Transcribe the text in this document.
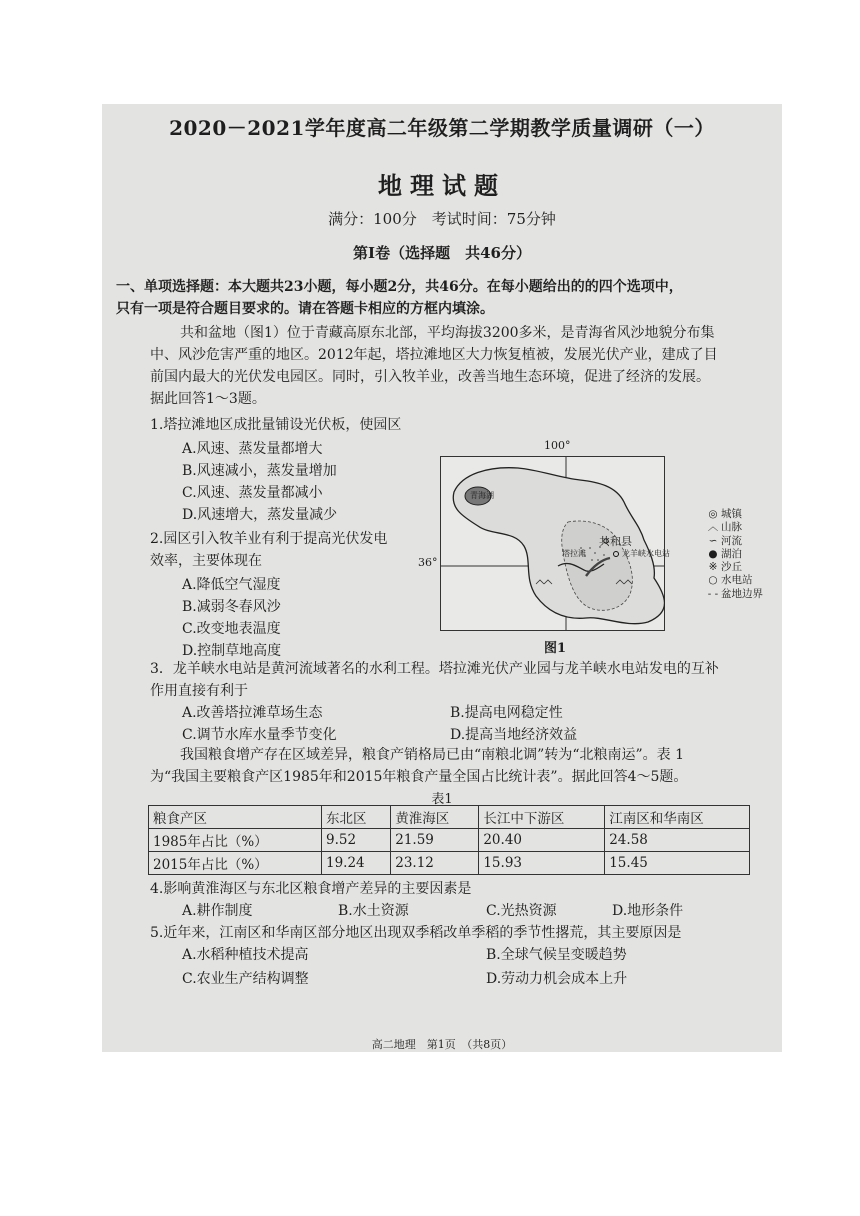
2020－2021学年度高二年级第二学期教学质量调研（一）
地理试题
满分：100分　考试时间：75分钟
第Ⅰ卷（选择题　共46分）
一、单项选择题：本大题共23小题，每小题2分，共46分。在每小题给出的的四个选项中，
只有一项是符合题目要求的。请在答题卡相应的方框内填涂。
共和盆地（图1）位于青藏高原东北部，平均海拔3200多米，是青海省风沙地貌分布集
中、风沙危害严重的地区。2012年起，塔拉滩地区大力恢复植被，发展光伏产业，建成了目
前国内最大的光伏发电园区。同时，引入牧羊业，改善当地生态环境，促进了经济的发展。
据此回答1～3题。
1.塔拉滩地区成批量铺设光伏板，使园区
A.风速、蒸发量都增大
B.风速减小，蒸发量增加
C.风速、蒸发量都减小
D.风速增大，蒸发量减少
2.园区引入牧羊业有利于提高光伏发电
效率，主要体现在
A.降低空气湿度
B.减弱冬春风沙
C.改变地表温度
D.控制草地高度
100°
36°
共和县
龙羊峡水电站
青海湖
塔拉滩
◎ 城镇
︿ 山脉
∽ 河流
● 湖泊
※ 沙丘
○ 水电站
- - 盆地边界
图1
3．龙羊峡水电站是黄河流域著名的水利工程。塔拉滩光伏产业园与龙羊峡水电站发电的互补
作用直接有利于
A.改善塔拉滩草场生态	B.提高电网稳定性
C.调节水库水量季节变化	D.提高当地经济效益
我国粮食增产存在区域差异，粮食产销格局已由“南粮北调”转为“北粮南运”。表 1
为“我国主要粮食产区1985年和2015年粮食产量全国占比统计表”。据此回答4～5题。
表1
粮食产区	东北区	黄淮海区	长江中下游区	江南区和华南区
1985年占比（%）	9.52	21.59	20.40	24.58
2015年占比（%）	19.24	23.12	15.93	15.45
4.影响黄淮海区与东北区粮食增产差异的主要因素是
A.耕作制度	B.水土资源	C.光热资源	D.地形条件
5.近年来，江南区和华南区部分地区出现双季稻改单季稻的季节性撂荒，其主要原因是
A.水稻种植技术提高	B.全球气候呈变暖趋势
C.农业生产结构调整	D.劳动力机会成本上升
高二地理　第1页　（共8页）
